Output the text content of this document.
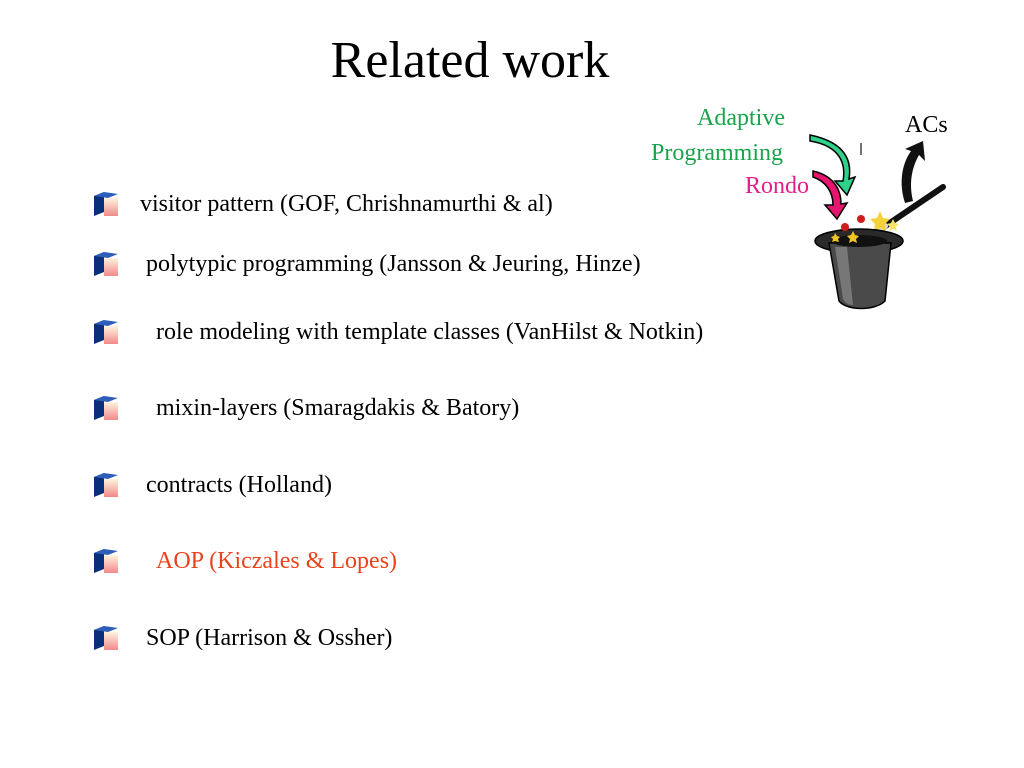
Related work
visitor pattern (GOF, Chrishnamurthi & al)
polytypic programming (Jansson & Jeuring, Hinze)
role modeling with template classes (VanHilst & Notkin)
mixin-layers (Smaragdakis & Batory)
contracts (Holland)
AOP (Kiczales & Lopes)
SOP (Harrison & Ossher)
Adaptive
Programming
Rondo
ACs
